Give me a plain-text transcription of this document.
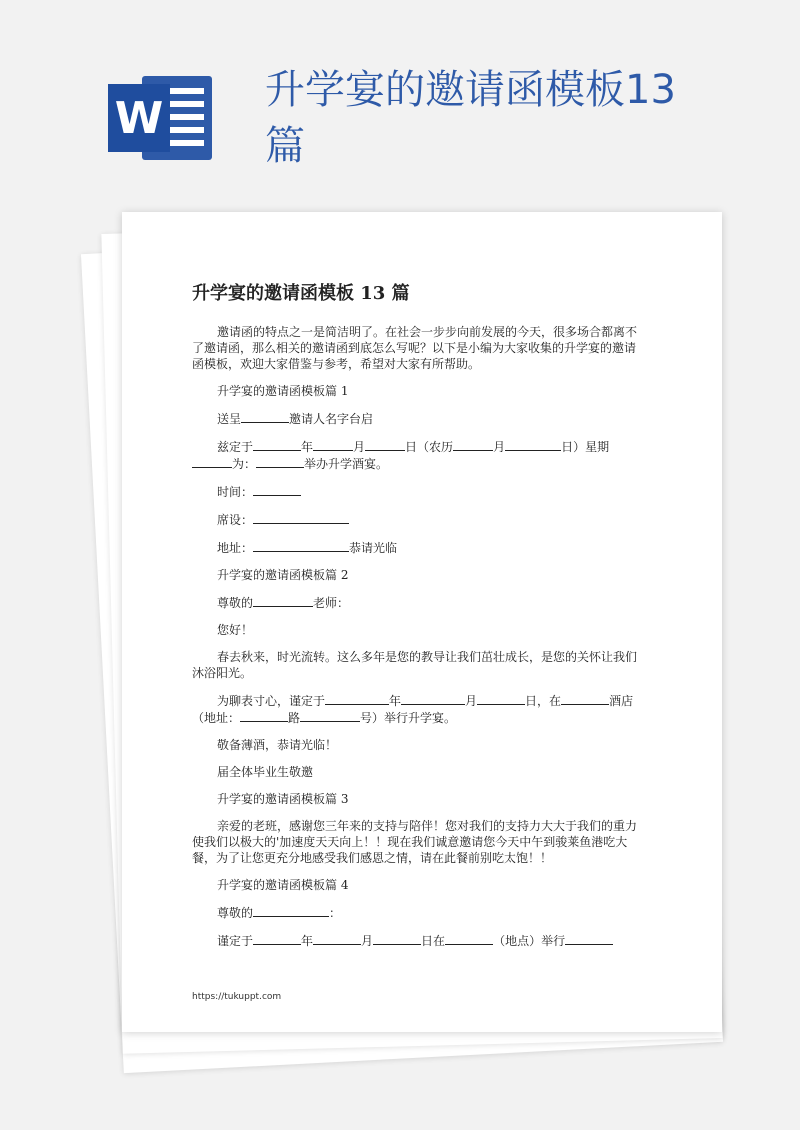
W
升学宴的邀请函模板13篇
升学宴的邀请函模板 13 篇
邀请函的特点之一是简洁明了。在社会一步步向前发展的今天，很多场合都离不了邀请函，那么相关的邀请函到底怎么写呢？以下是小编为大家收集的升学宴的邀请函模板，欢迎大家借鉴与参考，希望对大家有所帮助。
升学宴的邀请函模板篇 1
送呈	邀请人名字台启
兹定于	年	月	日（农历	月	日）星期为：	举办升学酒宴。
时间：
席设：
地址：	恭请光临
升学宴的邀请函模板篇 2
尊敬的	老师：
您好！
春去秋来，时光流转。这么多年是您的教导让我们茁壮成长，是您的关怀让我们沐浴阳光。
为聊表寸心，谨定于	年	月	日，在	酒店（地址：	路	号）举行升学宴。
敬备薄酒，恭请光临！
届全体毕业生敬邀
升学宴的邀请函模板篇 3
亲爱的老班，感谢您三年来的支持与陪伴！您对我们的支持力大大于我们的重力使我们以极大的'加速度天天向上！！现在我们诚意邀请您今天中午到骏莱鱼港吃大餐，为了让您更充分地感受我们感恩之情，请在此餐前别吃太饱！！
升学宴的邀请函模板篇 4
尊敬的	：
谨定于	年	月	日在	（地点）举行
https://tukuppt.com
